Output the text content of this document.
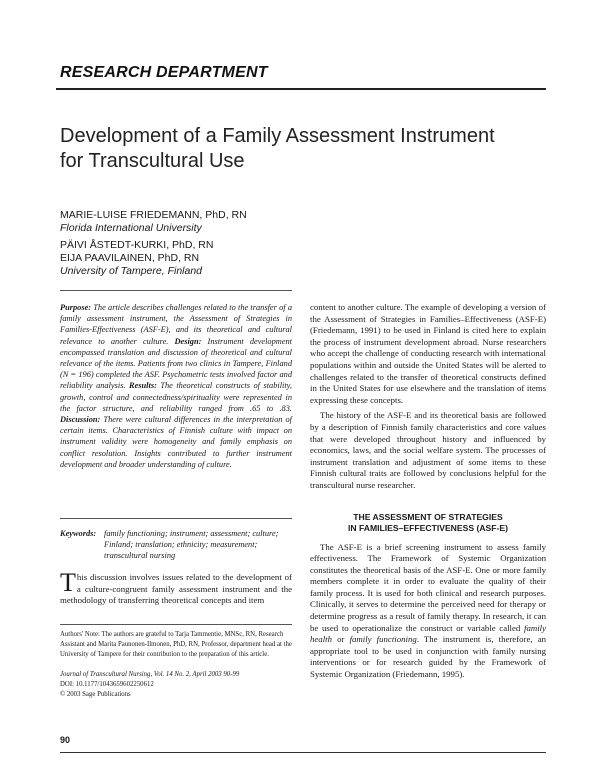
RESEARCH DEPARTMENT
Development of a Family Assessment Instrument
for Transcultural Use
MARIE-LUISE FRIEDEMANN, PhD, RN
Florida International University
PÄIVI ÅSTEDT-KURKI, PhD, RN
EIJA PAAVILAINEN, PhD, RN
University of Tampere, Finland

Purpose: The article describes challenges related to the transfer of a family assessment instrument, the Assessment of Strategies in Families-Effectiveness (ASF-E), and its theoretical and cultural relevance to another culture. Design: Instrument development encompassed translation and discussion of theoretical and cultural relevance of the items. Patients from two clinics in Tampere, Finland (N = 196) completed the ASF. Psychometric tests involved factor and reliability analysis. Results: The theoretical constructs of stability, growth, control and connectedness/spirituality were represented in the factor structure, and reliability ranged from .65 to .83. Discussion: There were cultural differences in the interpretation of certain items. Characteristics of Finnish culture with impact on instrument validity were homogeneity and family emphasis on conflict resolution. Insights contributed to further instrument development and broader understanding of culture.

Keywords: family functioning; instrument; assessment; culture; Finland; translation; ethnicity; measurement; transcultural nursing

This discussion involves issues related to the development of a culture-congruent family assessment instrument and the methodology of transferring theoretical concepts and item

Authors' Note: The authors are grateful to Tarja Tammentie, MNSc, RN, Research Assistant and Marita Paunonen-Ilmonen, PhD, RN, Professor, department head at the University of Tampere for their contribution to the preparation of this article.

Journal of Transcultural Nursing, Vol. 14 No. 2, April 2003 90-99
DOI: 10.1177/1043659602250612
© 2003 Sage Publications

content to another culture. The example of developing a version of the Assessment of Strategies in Families–Effectiveness (ASF-E) (Friedemann, 1991) to be used in Finland is cited here to explain the process of instrument development abroad. Nurse researchers who accept the challenge of conducting research with international populations within and outside the United States will be alerted to challenges related to the transfer of theoretical constructs defined in the United States for use elsewhere and the translation of items expressing these concepts.

The history of the ASF-E and its theoretical basis are followed by a description of Finnish family characteristics and core values that were developed throughout history and influenced by economics, laws, and the social welfare system. The processes of instrument translation and adjustment of some items to these Finnish cultural traits are followed by conclusions helpful for the transcultural nurse researcher.

THE ASSESSMENT OF STRATEGIES
IN FAMILIES–EFFECTIVENESS (ASF-E)

The ASF-E is a brief screening instrument to assess family effectiveness. The Framework of Systemic Organization constitutes the theoretical basis of the ASF-E. One or more family members complete it in order to evaluate the quality of their family process. It is used for both clinical and research purposes. Clinically, it serves to determine the perceived need for therapy or determine progress as a result of family therapy. In research, it can be used to operationalize the construct or variable called family health or family functioning. The instrument is, therefore, an appropriate tool to be used in conjunction with family nursing interventions or for research guided by the Framework of Systemic Organization (Friedemann, 1995).

90
